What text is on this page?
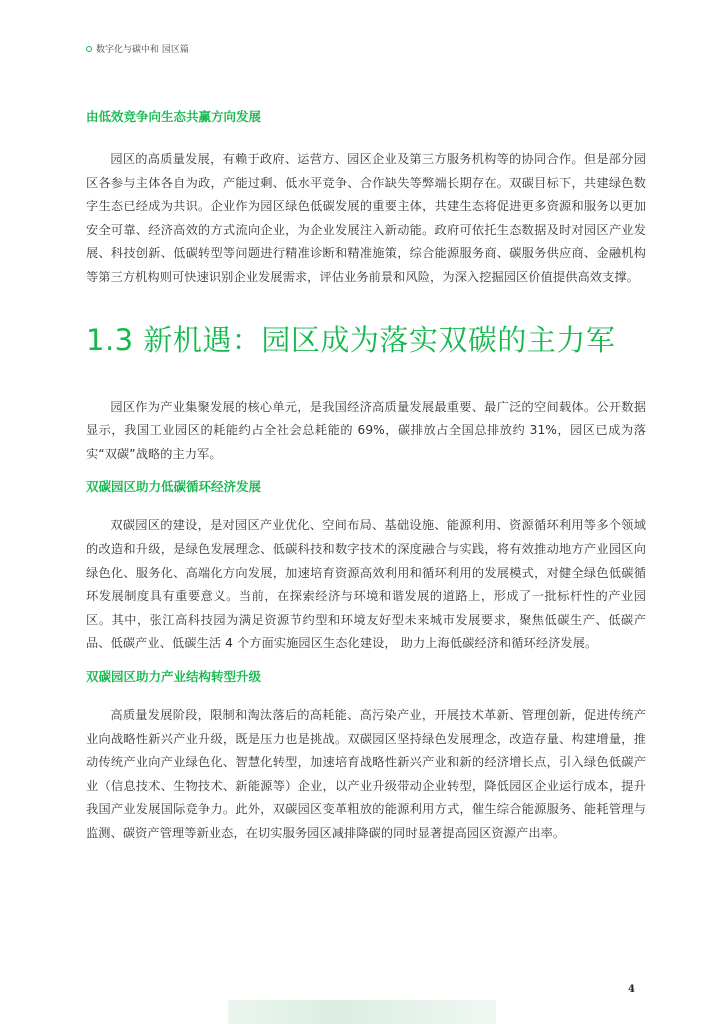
数字化与碳中和 园区篇
由低效竞争向生态共赢方向发展

园区的高质量发展，有赖于政府、运营方、园区企业及第三方服务机构等的协同合作。但是部分园区各参与主体各自为政，产能过剩、低水平竞争、合作缺失等弊端长期存在。双碳目标下，共建绿色数字生态已经成为共识。企业作为园区绿色低碳发展的重要主体，共建生态将促进更多资源和服务以更加安全可靠、经济高效的方式流向企业，为企业发展注入新动能。政府可依托生态数据及时对园区产业发展、科技创新、低碳转型等问题进行精准诊断和精准施策，综合能源服务商、碳服务供应商、金融机构等第三方机构则可快速识别企业发展需求，评估业务前景和风险，为深入挖掘园区价值提供高效支撑。

1.3 新机遇：园区成为落实双碳的主力军

园区作为产业集聚发展的核心单元，是我国经济高质量发展最重要、最广泛的空间载体。公开数据显示，我国工业园区的耗能约占全社会总耗能的 69%，碳排放占全国总排放约 31%，园区已成为落实“双碳”战略的主力军。

双碳园区助力低碳循环经济发展

双碳园区的建设，是对园区产业优化、空间布局、基础设施、能源利用、资源循环利用等多个领域的改造和升级，是绿色发展理念、低碳科技和数字技术的深度融合与实践，将有效推动地方产业园区向绿色化、服务化、高端化方向发展，加速培育资源高效利用和循环利用的发展模式，对健全绿色低碳循环发展制度具有重要意义。当前，在探索经济与环境和谐发展的道路上，形成了一批标杆性的产业园区。其中，张江高科技园为满足资源节约型和环境友好型未来城市发展要求，聚焦低碳生产、低碳产品、低碳产业、低碳生活 4 个方面实施园区生态化建设， 助力上海低碳经济和循环经济发展。

双碳园区助力产业结构转型升级

高质量发展阶段，限制和淘汰落后的高耗能、高污染产业，开展技术革新、管理创新，促进传统产业向战略性新兴产业升级，既是压力也是挑战。双碳园区坚持绿色发展理念，改造存量、构建增量，推动传统产业向产业绿色化、智慧化转型，加速培育战略性新兴产业和新的经济增长点，引入绿色低碳产业（信息技术、生物技术、新能源等）企业，以产业升级带动企业转型，降低园区企业运行成本，提升我国产业发展国际竞争力。此外，双碳园区变革粗放的能源利用方式，催生综合能源服务、能耗管理与监测、碳资产管理等新业态，在切实服务园区减排降碳的同时显著提高园区资源产出率。

4
